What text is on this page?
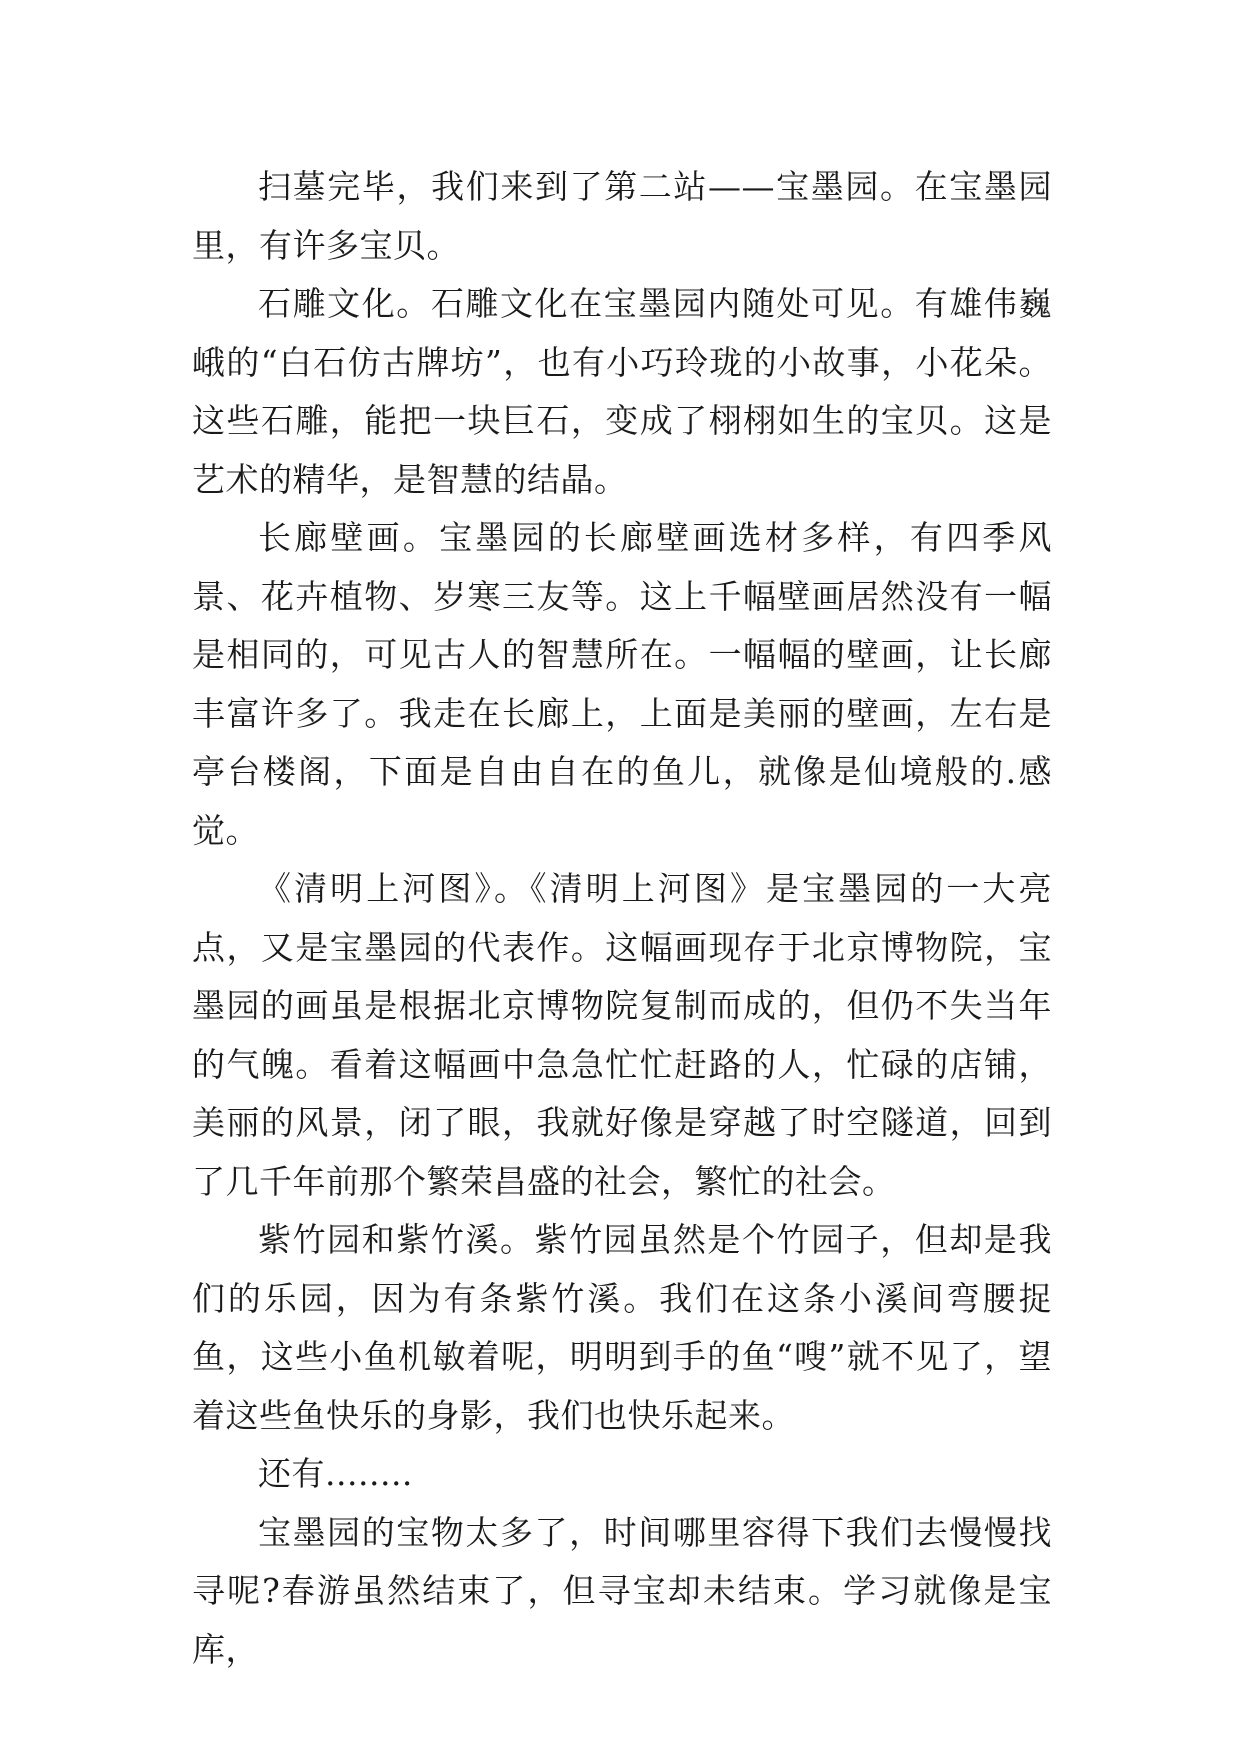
扫墓完毕，我们来到了第二站——宝墨园。在宝墨园里，有许多宝贝。

石雕文化。石雕文化在宝墨园内随处可见。有雄伟巍峨的“白石仿古牌坊”，也有小巧玲珑的小故事，小花朵。这些石雕，能把一块巨石，变成了栩栩如生的宝贝。这是艺术的精华，是智慧的结晶。

长廊壁画。宝墨园的长廊壁画选材多样，有四季风景、花卉植物、岁寒三友等。这上千幅壁画居然没有一幅是相同的，可见古人的智慧所在。一幅幅的壁画，让长廊丰富许多了。我走在长廊上，上面是美丽的壁画，左右是亭台楼阁，下面是自由自在的鱼儿，就像是仙境般的.感觉。

《清明上河图》。《清明上河图》是宝墨园的一大亮点，又是宝墨园的代表作。这幅画现存于北京博物院，宝墨园的画虽是根据北京博物院复制而成的，但仍不失当年的气魄。看着这幅画中急急忙忙赶路的人，忙碌的店铺，美丽的风景，闭了眼，我就好像是穿越了时空隧道，回到了几千年前那个繁荣昌盛的社会，繁忙的社会。

紫竹园和紫竹溪。紫竹园虽然是个竹园子，但却是我们的乐园，因为有条紫竹溪。我们在这条小溪间弯腰捉鱼，这些小鱼机敏着呢，明明到手的鱼“嗖”就不见了，望着这些鱼快乐的身影，我们也快乐起来。

还有........

宝墨园的宝物太多了，时间哪里容得下我们去慢慢找寻呢?春游虽然结束了，但寻宝却未结束。学习就像是宝库，
